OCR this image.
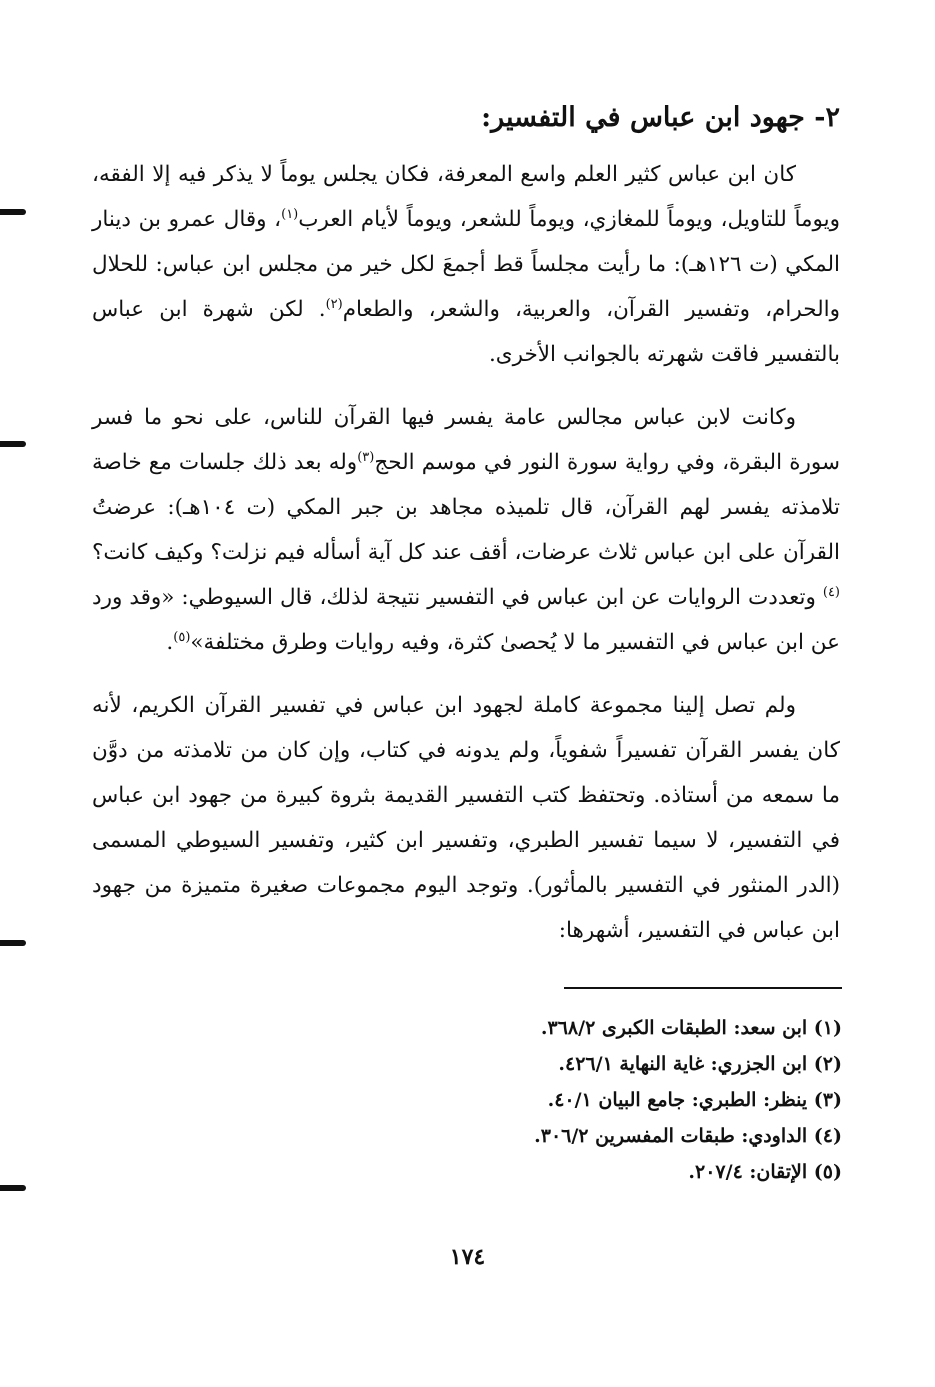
٢- جهود ابن عباس في التفسير:

كان ابن عباس كثير العلم واسع المعرفة، فكان يجلس يوماً لا يذكر فيه إلا الفقه، ويوماً للتاويل، ويوماً للمغازي، ويوماً للشعر، ويوماً لأيام العرب$^{(١)}$، وقال عمرو بن دينار المكي (ت ١٢٦هـ): ما رأيت مجلساً قط أجمعَ لكل خير من مجلس ابن عباس: للحلال والحرام، وتفسير القرآن، والعربية، والشعر، والطعام$^{(٢)}$. لكن شهرة ابن عباس بالتفسير فاقت شهرته بالجوانب الأخرى.

وكانت لابن عباس مجالس عامة يفسر فيها القرآن للناس، على نحو ما فسر سورة البقرة، وفي رواية سورة النور في موسم الحج$^{(٣)}$وله بعد ذلك جلسات مع خاصة تلامذته يفسر لهم القرآن، قال تلميذه مجاهد بن جبر المكي (ت ١٠٤هـ): عرضتُ القرآن على ابن عباس ثلاث عرضات، أقف عند كل آية أسأله فيم نزلت؟ وكيف كانت؟$^{(٤)}$ وتعددت الروايات عن ابن عباس في التفسير نتيجة لذلك، قال السيوطي: «وقد ورد عن ابن عباس في التفسير ما لا يُحصىٰ كثرة، وفيه روايات وطرق مختلفة»$^{(٥)}$.

ولم تصل إلينا مجموعة كاملة لجهود ابن عباس في تفسير القرآن الكريم، لأنه كان يفسر القرآن تفسيراً شفوياً، ولم يدونه في كتاب، وإن كان من تلامذته من دوَّن ما سمعه من أستاذه. وتحتفظ كتب التفسير القديمة بثروة كبيرة من جهود ابن عباس في التفسير، لا سيما تفسير الطبري، وتفسير ابن كثير، وتفسير السيوطي المسمى (الدر المنثور في التفسير بالمأثور). وتوجد اليوم مجموعات صغيرة متميزة من جهود ابن عباس في التفسير، أشهرها:

(١) ابن سعد: الطبقات الكبرى ٣٦٨/٢.
(٢) ابن الجزري: غاية النهاية ٤٢٦/١.
(٣) ينظر: الطبري: جامع البيان ٤٠/١.
(٤) الداودي: طبقات المفسرين ٣٠٦/٢.
(٥) الإتقان: ٢٠٧/٤.
١٧٤
